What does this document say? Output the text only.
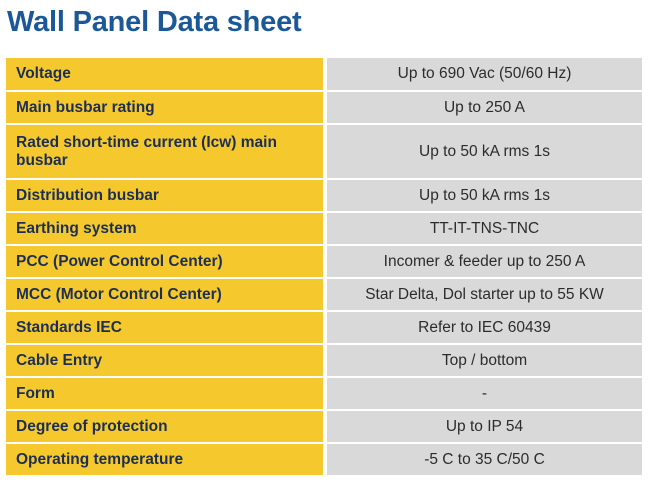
Wall Panel Data sheet
Voltage	Up to 690 Vac (50/60 Hz)

Main busbar rating	Up to 250 A

Rated short-time current (Icw) main busbar	Up to 50 kA rms 1s

Distribution busbar	Up to 50 kA rms 1s

Earthing system	TT-IT-TNS-TNC

PCC (Power Control Center)	Incomer & feeder up to 250 A

MCC (Motor Control Center)	Star Delta, Dol starter up to 55 KW

Standards IEC	Refer to IEC 60439

Cable Entry	Top / bottom

Form	-

Degree of protection	Up to IP 54

Operating temperature	-5 C to 35 C/50 C
